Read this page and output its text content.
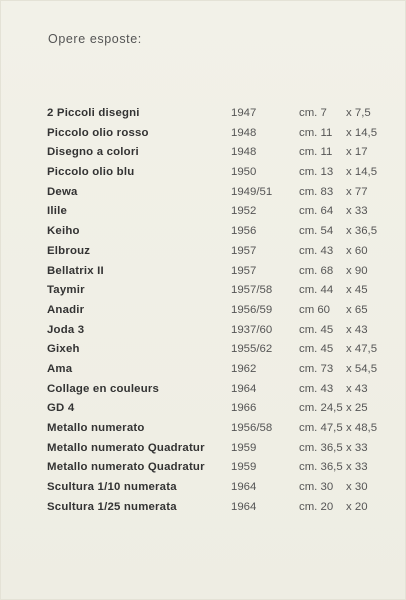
Opere esposte:
2 Piccoli disegni	1947	cm. 7 x 7,5
Piccolo olio rosso	1948	cm. 11 x 14,5
Disegno a colori	1948	cm. 11 x 17
Piccolo olio blu	1950	cm. 13 x 14,5
Dewa	1949/51 cm. 83 x 77
Ilile	1952	cm. 64 x 33
Keiho	1956	cm. 54 x 36,5
Elbrouz	1957	cm. 43 x 60
Bellatrix II	1957	cm. 68 x 90
Taymir	1957/58 cm. 44 x 45
Anadir	1956/59 cm 60 x 65
Joda 3	1937/60 cm. 45 x 43
Gixeh	1955/62 cm. 45 x 47,5
Ama	1962	cm. 73 x 54,5
Collage en couleurs	1964	cm. 43 x 43
GD 4	1966	cm. 24,5 x 25
Metallo numerato	1956/58 cm. 47,5 x 48,5
Metallo numerato Quadratur 1959	cm. 36,5 x 33
Metallo numerato Quadratur 1959	cm. 36,5 x 33
Scultura 1/10 numerata	1964	cm. 30 x 30
Scultura 1/25 numerata	1964	cm. 20 x 20
